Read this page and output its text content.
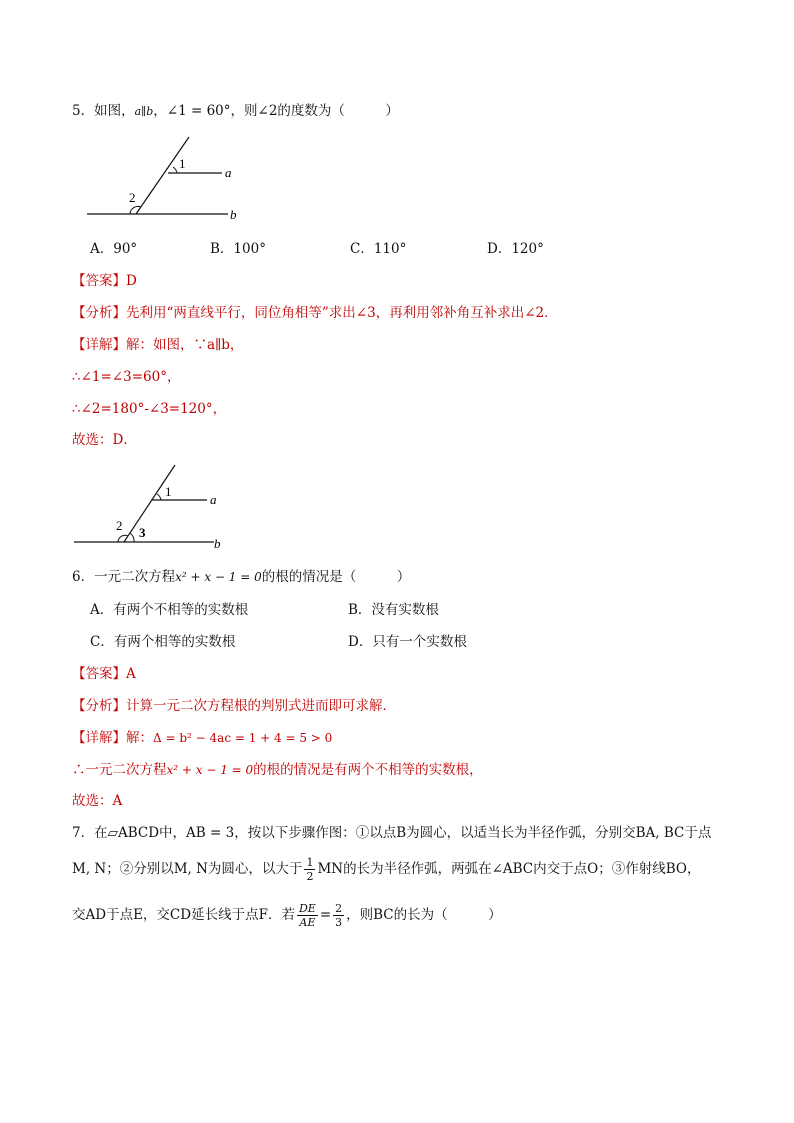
5．如图，a∥b，∠1 = 60°，则∠2的度数为（　　　）
1
a
2
b
A．90°	B．100°	C．110°	D．120°
【答案】D
【分析】先利用“两直线平行，同位角相等”求出∠3，再利用邻补角互补求出∠2．
【详解】解：如图，∵a∥b，
∴∠1=∠3=60°，
∴∠2=180°-∠3=120°，
故选：D．
1
a
2 3
b
6．一元二次方程x² + x − 1 = 0的根的情况是（　　　）
A．有两个不相等的实数根	B．没有实数根
C．有两个相等的实数根	D．只有一个实数根
【答案】A
【分析】计算一元二次方程根的判别式进而即可求解．
【详解】解：Δ = b² − 4ac = 1 + 4 = 5 > 0
∴一元二次方程x² + x − 1 = 0的根的情况是有两个不相等的实数根，
故选：A
7．在▱ABCD中，AB = 3，按以下步骤作图：①以点B为圆心，以适当长为半径作弧，分别交BA, BC于点
M, N；②分别以M, N为圆心，以大于 $\frac{1}{2}$ MN的长为半径作弧，两弧在∠ABC内交于点O；③作射线BO，
交AD于点E，交CD延长线于点F．若 $\frac{DE}{AE} = \frac{2}{3}$ ，则BC的长为（　　　）
